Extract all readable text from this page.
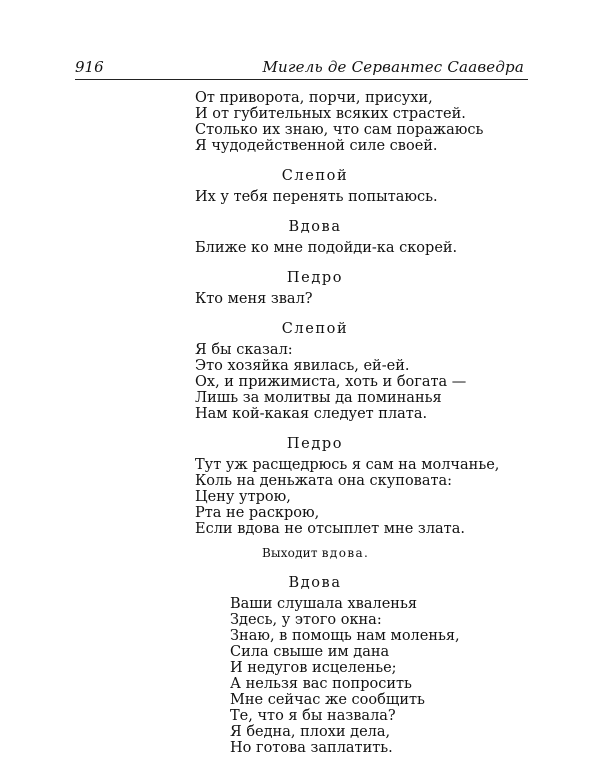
916	Мигель де Сервантес Сааведра
От приворота, порчи, присухи,
И от губительных всяких страстей.
Столько их знаю, что сам поражаюсь
Я чудодейственной силе своей.
Слепой
Их у тебя перенять попытаюсь.
Вдова
Ближе ко мне подойди-ка скорей.
Педро
Кто меня звал?
Слепой
Я бы сказал:
Это хозяйка явилась, ей-ей.
Ох, и прижимиста, хоть и богата —
Лишь за молитвы да поминанья
Нам кой-какая следует плата.
Педро
Тут уж расщедрюсь я сам на молчанье,
Коль на деньжата она скуповата:
Цену утрою,
Рта не раскрою,
Если вдова не отсыплет мне злата.
Выходит вдова.
Вдова
Ваши слушала хваленья
Здесь, у этого окна:
Знаю, в помощь нам моленья,
Сила свыше им дана
И недугов исцеленье;
А нельзя вас попросить
Мне сейчас же сообщить
Те, что я бы назвала?
Я бедна, плохи дела,
Но готова заплатить.
